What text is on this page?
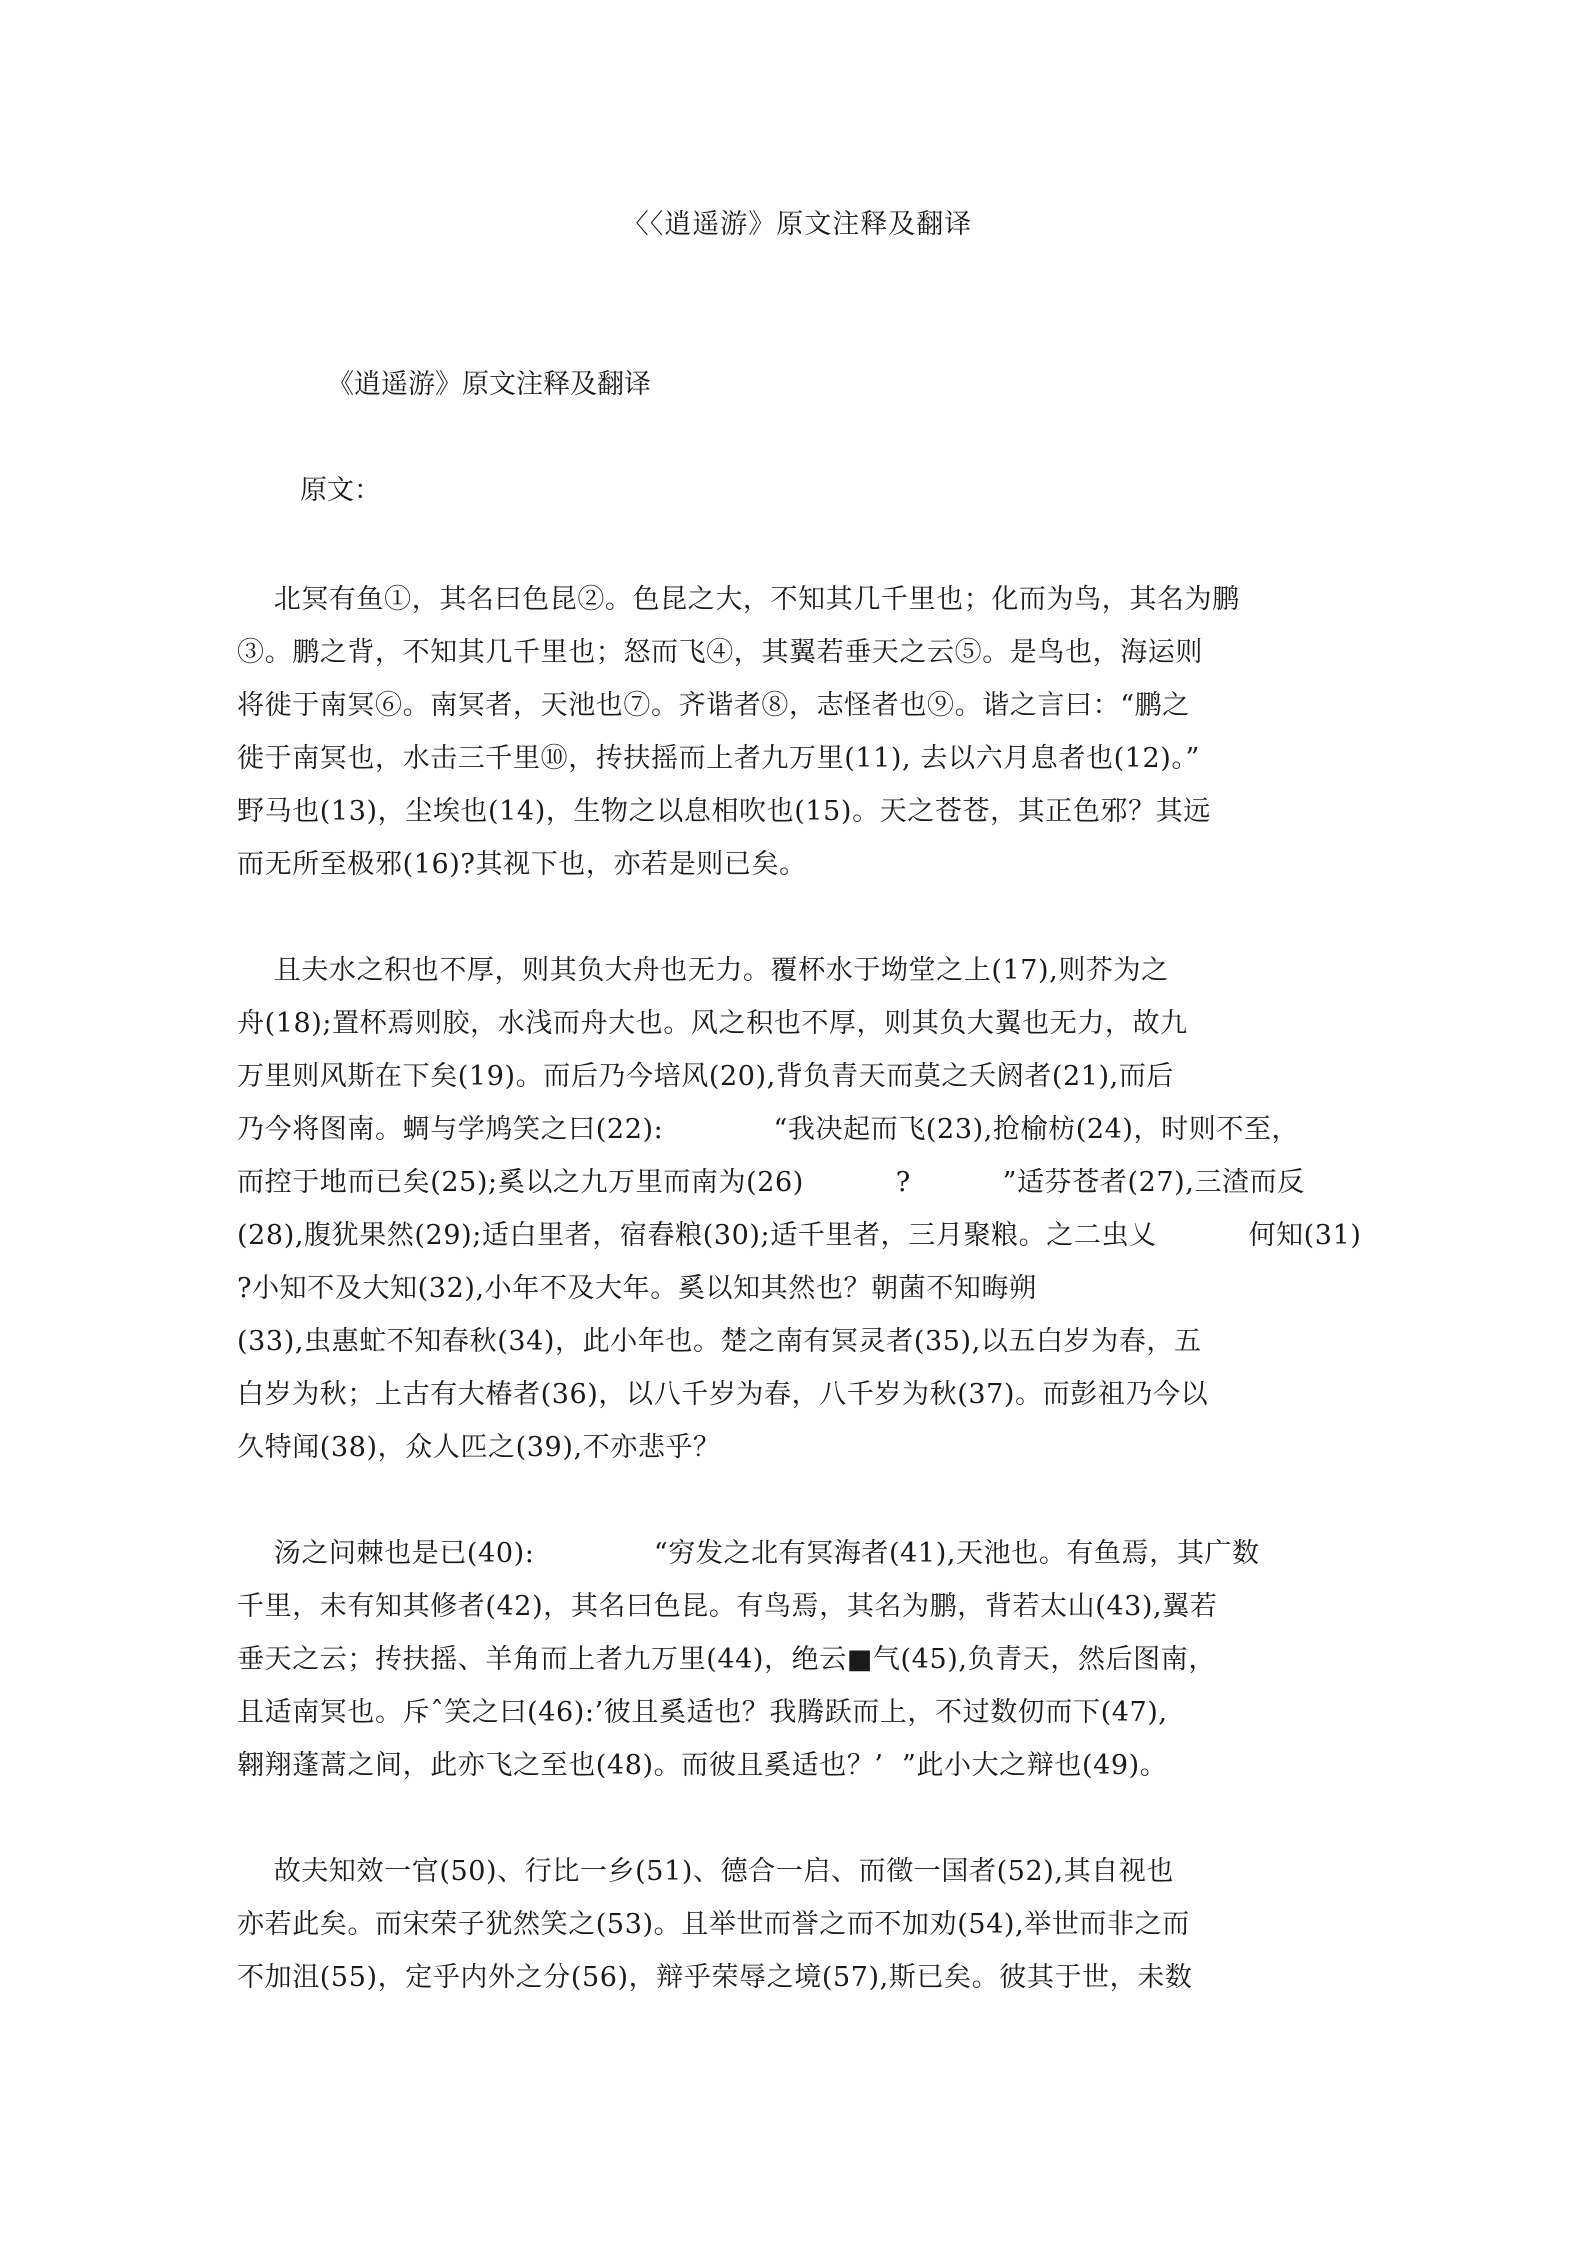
〈〈逍遥游》原文注释及翻译
《逍遥游》原文注释及翻译
原文：
北冥有鱼①，其名曰色昆②。色昆之大，不知其几千里也；化而为鸟，其名为鹏
③。鹏之背，不知其几千里也；怒而飞④，其翼若垂天之云⑤。是鸟也，海运则
将徙于南冥⑥。南冥者，天池也⑦。齐谐者⑧，志怪者也⑨。谐之言曰：“鹏之
徙于南冥也，水击三千里⑩，抟扶摇而上者九万里(11), 去以六月息者也(12)。”
野马也(13)，尘埃也(14)，生物之以息相吹也(15)。天之苍苍，其正色邪？其远
而无所至极邪(16)?其视下也，亦若是则已矣。
且夫水之积也不厚，则其负大舟也无力。覆杯水于坳堂之上(17),则芥为之
舟(18);置杯焉则胶，水浅而舟大也。风之积也不厚，则其负大翼也无力，故九
万里则风斯在下矣(19)。而后乃今培风(20),背负青天而莫之夭阏者(21),而后
乃今将图南。蜩与学鸠笑之曰(22):            “我决起而飞(23),抢榆枋(24)，时则不至，
而控于地而已矣(25);奚以之九万里而南为(26)          ?          ”适芬苍者(27),三渣而反
(28),腹犹果然(29);适白里者，宿舂粮(30);适千里者，三月聚粮。之二虫乂          何知(31)
?小知不及大知(32),小年不及大年。奚以知其然也？朝菌不知晦朔
(33),虫惠虻不知春秋(34)，此小年也。楚之南有冥灵者(35),以五白岁为春，五
白岁为秋；上古有大椿者(36)，以八千岁为春，八千岁为秋(37)。而彭祖乃今以
久特闻(38)，众人匹之(39),不亦悲乎？
汤之问棘也是已(40):             “穷发之北有冥海者(41),天池也。有鱼焉，其广数
千里，未有知其修者(42)，其名曰色昆。有鸟焉，其名为鹏，背若太山(43),翼若
垂天之云；抟扶摇、羊角而上者九万里(44)，绝云■气(45),负青天，然后图南，
且适南冥也。斥ˆ笑之曰(46):’彼且奚适也？我腾跃而上，不过数仞而下(47),
翱翔蓬蒿之间，此亦飞之至也(48)。而彼且奚适也？’  ”此小大之辩也(49)。
故夫知效一官(50)、行比一乡(51)、德合一启、而徵一国者(52),其自视也
亦若此矣。而宋荣子犹然笑之(53)。且举世而誉之而不加劝(54),举世而非之而
不加沮(55)，定乎内外之分(56)，辩乎荣辱之境(57),斯已矣。彼其于世，未数
